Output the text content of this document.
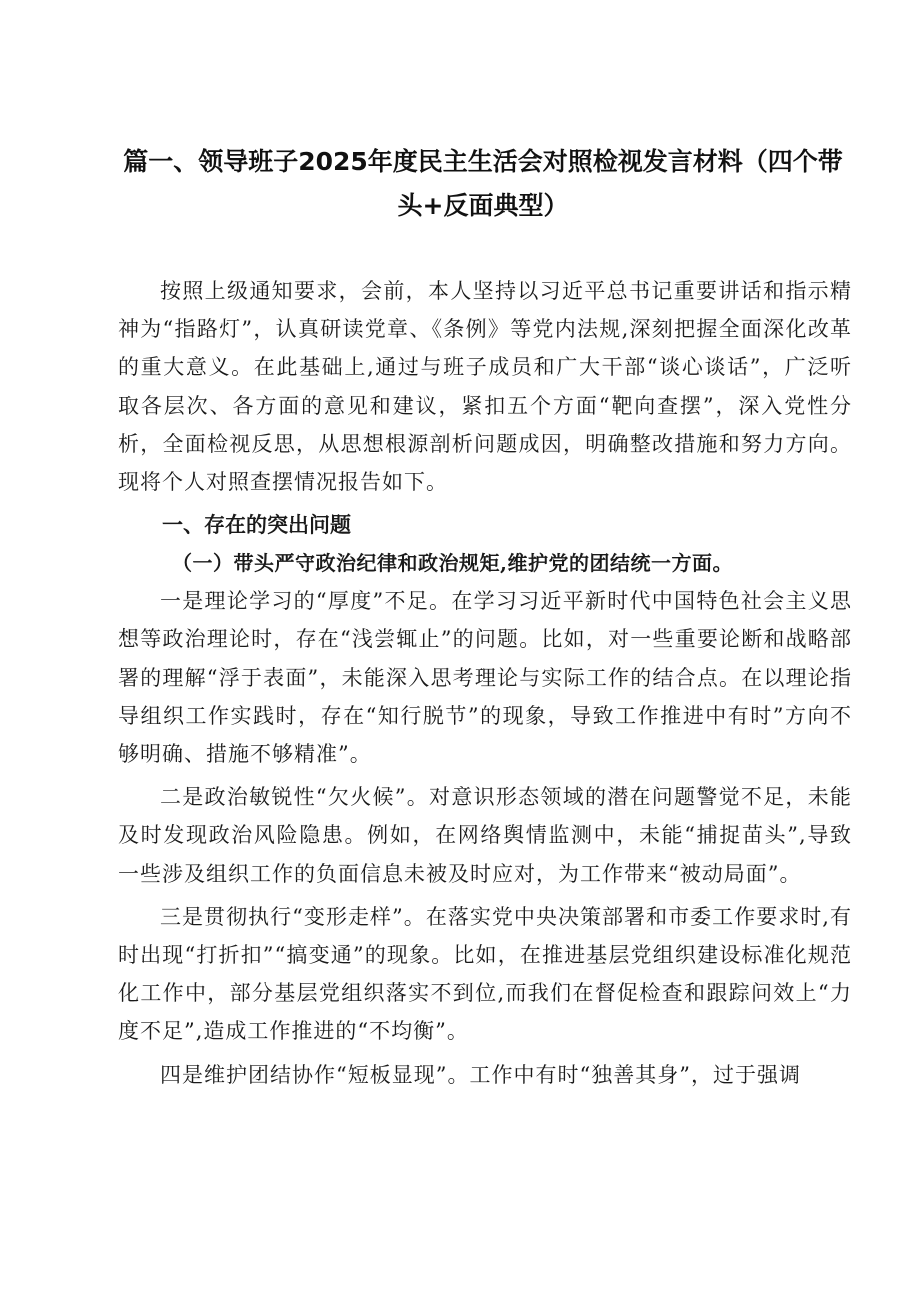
篇一、领导班子2025年度民主生活会对照检视发言材料（四个带头+反面典型）

按照上级通知要求，会前，本人坚持以习近平总书记重要讲话和指示精神为“指路灯”，认真研读党章、《条例》等党内法规,深刻把握全面深化改革的重大意义。在此基础上,通过与班子成员和广大干部“谈心谈话”，广泛听取各层次、各方面的意见和建议，紧扣五个方面“靶向查摆”，深入党性分析，全面检视反思，从思想根源剖析问题成因，明确整改措施和努力方向。现将个人对照查摆情况报告如下。

一、存在的突出问题
（一）带头严守政治纪律和政治规矩,维护党的团结统一方面。

一是理论学习的“厚度”不足。在学习习近平新时代中国特色社会主义思想等政治理论时，存在“浅尝辄止”的问题。比如，对一些重要论断和战略部署的理解“浮于表面”，未能深入思考理论与实际工作的结合点。在以理论指导组织工作实践时，存在“知行脱节”的现象，导致工作推进中有时”方向不够明确、措施不够精准”。

二是政治敏锐性“欠火候”。对意识形态领域的潜在问题警觉不足，未能及时发现政治风险隐患。例如，在网络舆情监测中，未能“捕捉苗头”,导致一些涉及组织工作的负面信息未被及时应对，为工作带来“被动局面”。

三是贯彻执行“变形走样”。在落实党中央决策部署和市委工作要求时,有时出现“打折扣”“搞变通”的现象。比如，在推进基层党组织建设标准化规范化工作中，部分基层党组织落实不到位,而我们在督促检查和跟踪问效上“力度不足”,造成工作推进的“不均衡”。

四是维护团结协作“短板显现”。工作中有时“独善其身”，过于强调
